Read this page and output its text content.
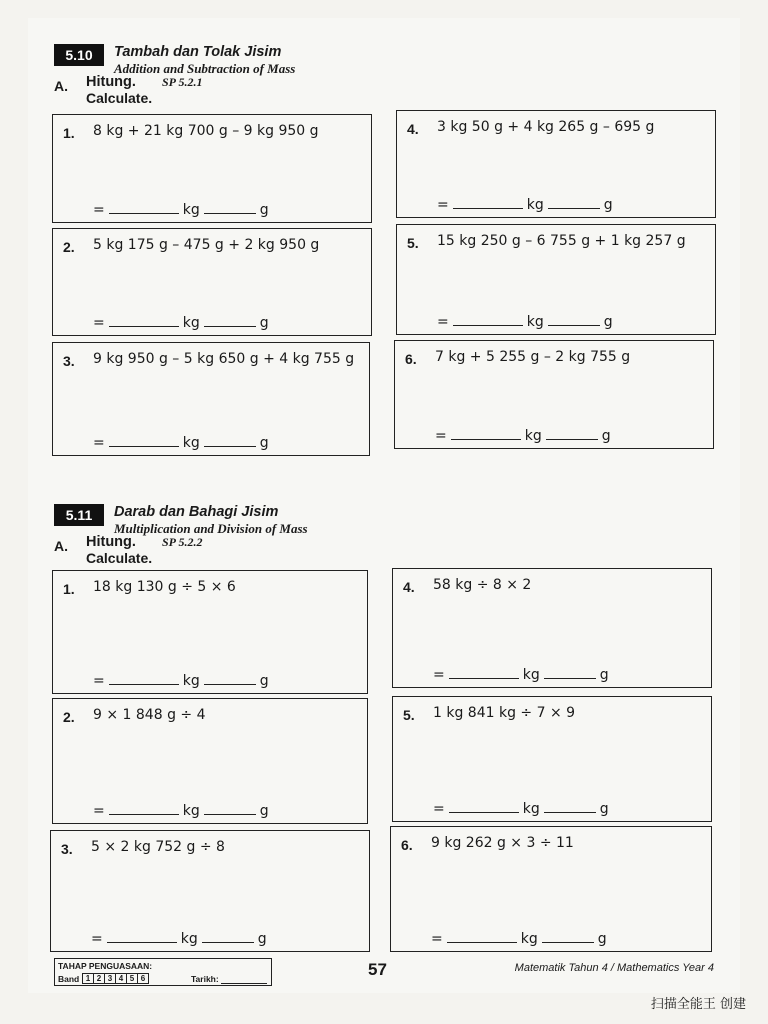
5.10	Tambah dan Tolak Jisim
Addition and Subtraction of Mass
A. Hitung. SP 5.2.1
Calculate.
1. 8 kg + 21 kg 700 g – 9 kg 950 g
=	kg	g
4. 3 kg 50 g + 4 kg 265 g – 695 g
=	kg	g
2. 5 kg 175 g – 475 g + 2 kg 950 g
=	kg	g
5. 15 kg 250 g – 6 755 g + 1 kg 257 g
=	kg	g
3. 9 kg 950 g – 5 kg 650 g + 4 kg 755 g
=	kg	g
6. 7 kg + 5 255 g – 2 kg 755 g
=	kg	g
5.11	Darab dan Bahagi Jisim
Multiplication and Division of Mass
A. Hitung. SP 5.2.2
Calculate.
1. 18 kg 130 g ÷ 5 × 6
=	kg	g
4. 58 kg ÷ 8 × 2
=	kg	g
2. 9 × 1 848 g ÷ 4
=	kg	g
5. 1 kg 841 kg ÷ 7 × 9
=	kg	g
3. 5 × 2 kg 752 g ÷ 8
=	kg	g
6. 9 kg 262 g × 3 ÷ 11
=	kg	g
TAHAP PENGUASAAN:
Band 1 2 3 4 5 6	Tarikh:	57	Matematik Tahun 4 / Mathematics Year 4
扫描全能王 创建
